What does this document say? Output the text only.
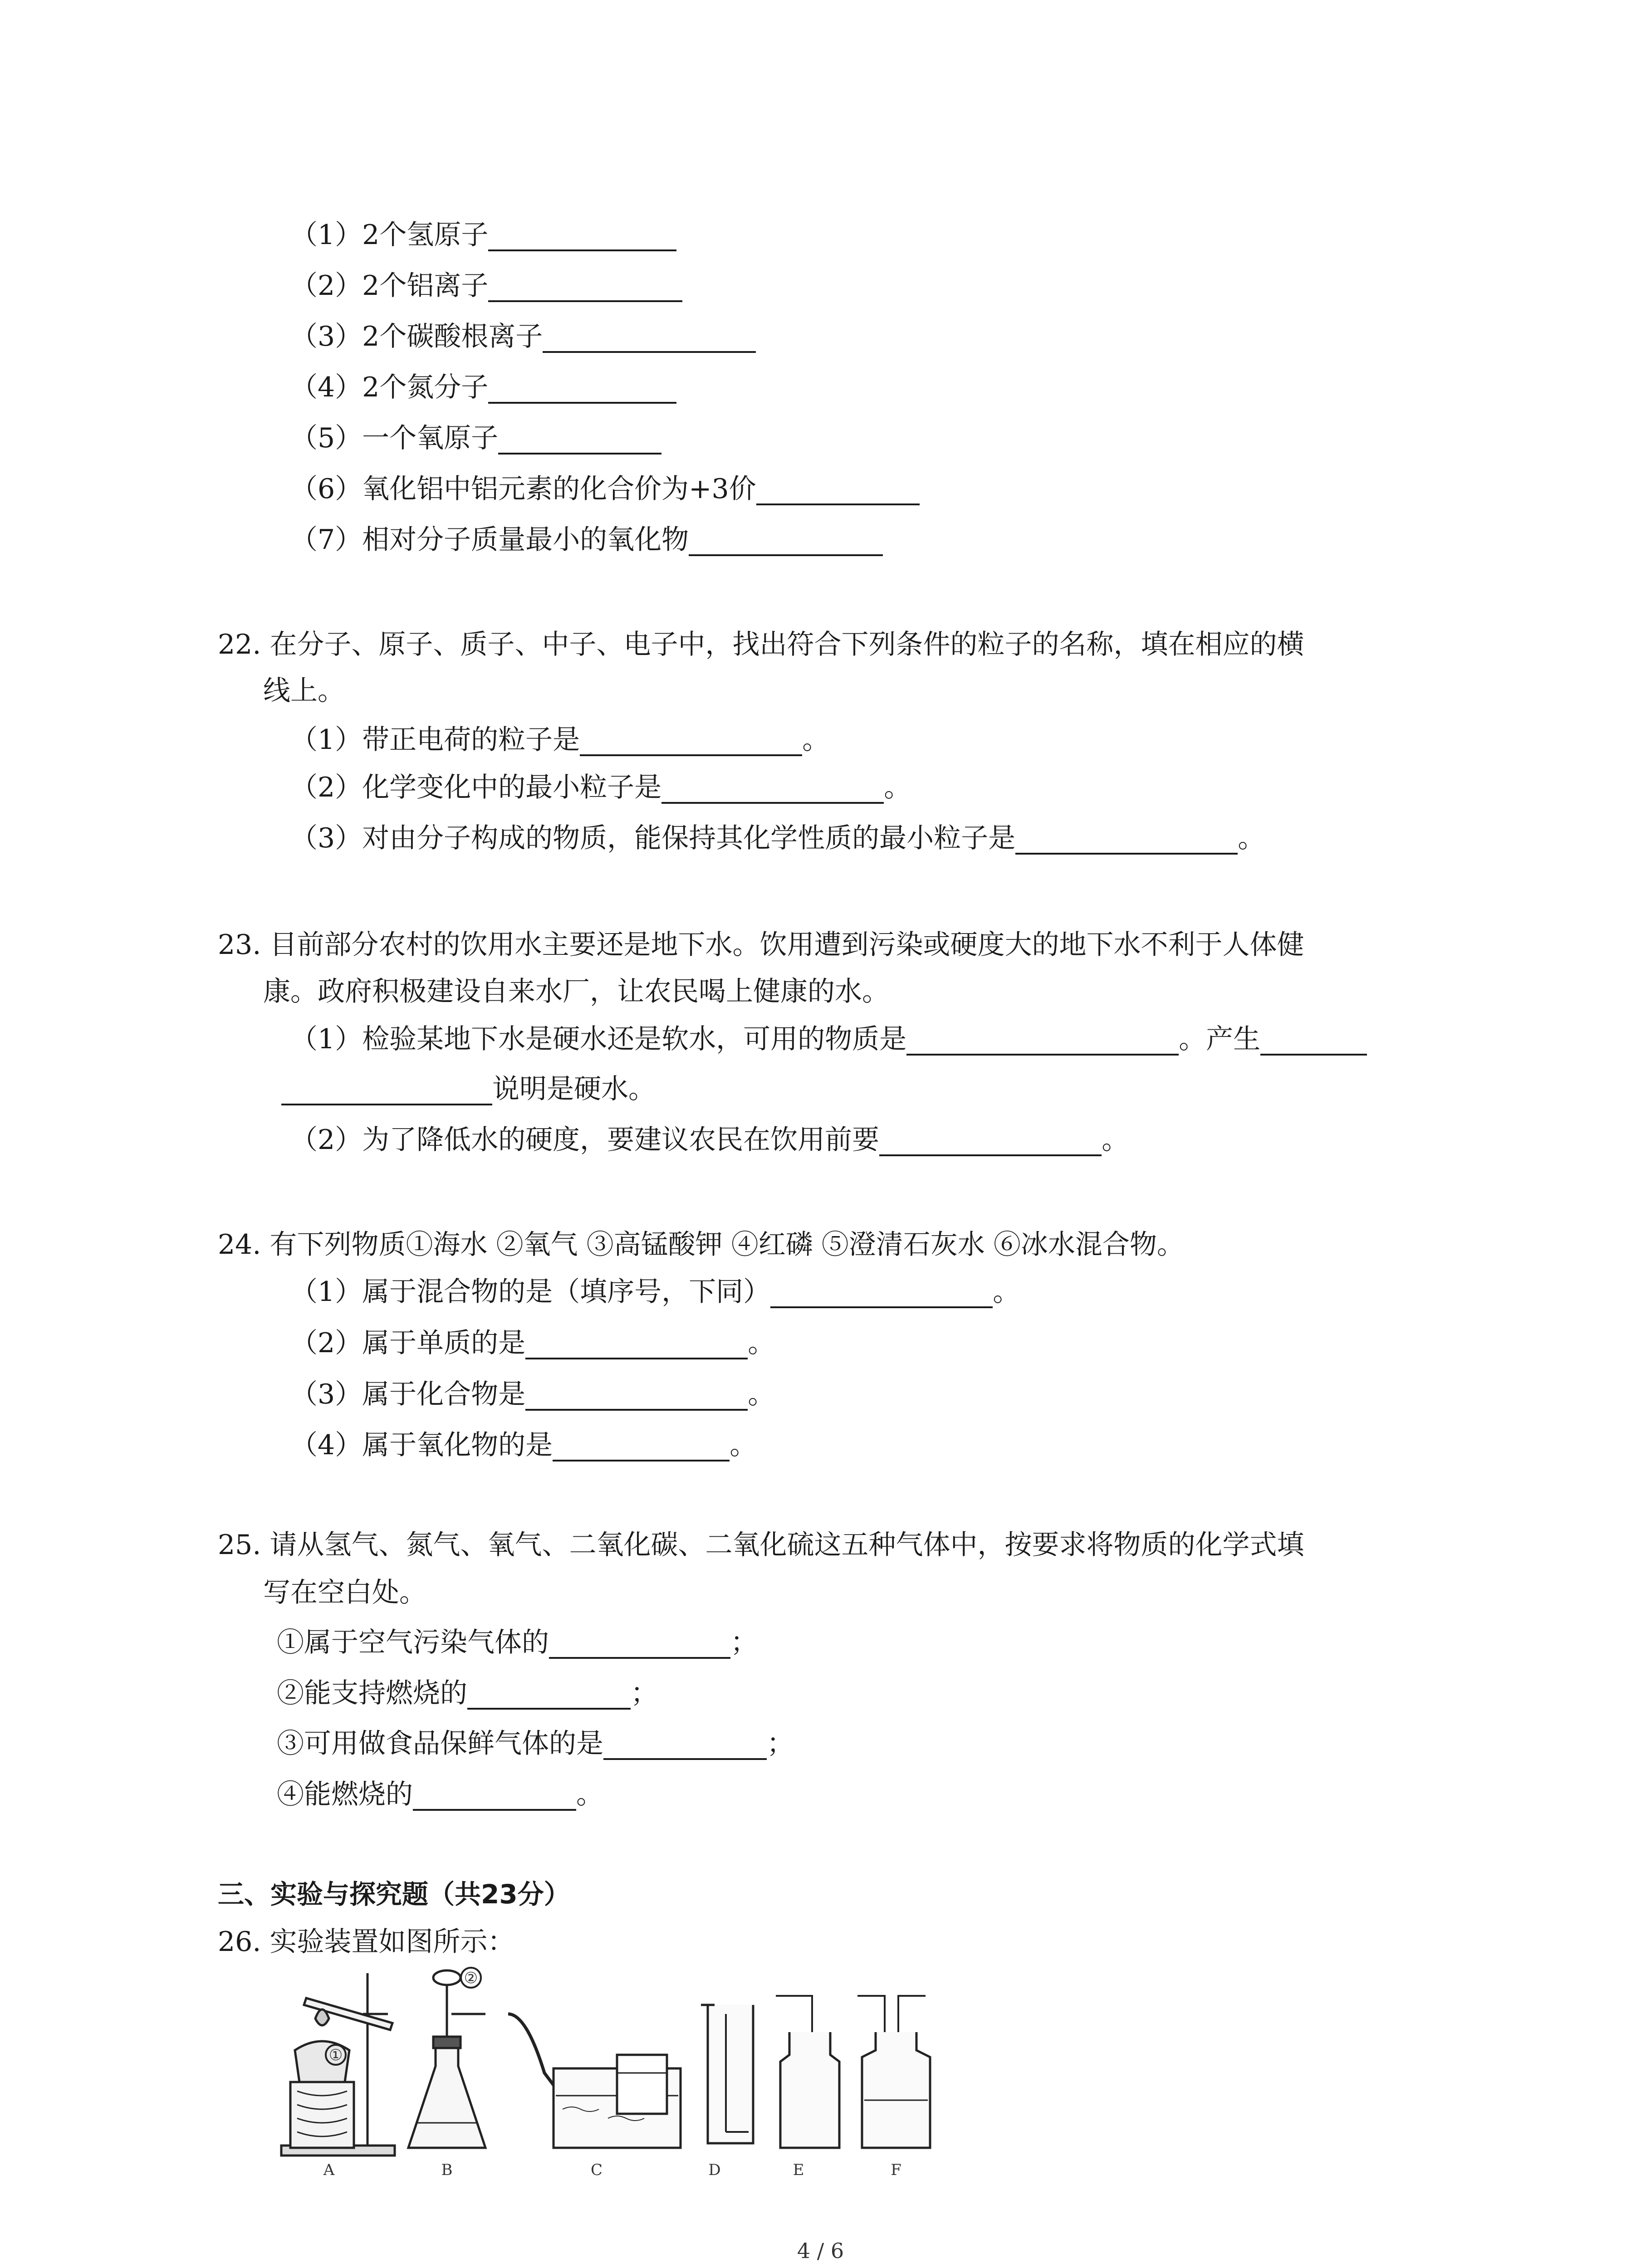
（1）2个氢原子
（2）2个铝离子
（3）2个碳酸根离子
（4）2个氮分子
（5）一个氧原子
（6）氧化铝中铝元素的化合价为+3价
（7）相对分子质量最小的氧化物
22. 在分子、原子、质子、中子、电子中，找出符合下列条件的粒子的名称，填在相应的横
线上。
（1）带正电荷的粒子是	。
（2）化学变化中的最小粒子是	。
（3）对由分子构成的物质，能保持其化学性质的最小粒子是	。
23. 目前部分农村的饮用水主要还是地下水。饮用遭到污染或硬度大的地下水不利于人体健
康。政府积极建设自来水厂，让农民喝上健康的水。
（1）检验某地下水是硬水还是软水，可用的物质是	。产生
说明是硬水。
（2）为了降低水的硬度，要建议农民在饮用前要	。
24. 有下列物质①海水 ②氧气 ③高锰酸钾 ④红磷 ⑤澄清石灰水 ⑥冰水混合物。
（1）属于混合物的是（填序号，下同）	。
（2）属于单质的是	。
（3）属于化合物是	。
（4）属于氧化物的是	。
25. 请从氢气、氮气、氧气、二氧化碳、二氧化硫这五种气体中，按要求将物质的化学式填
写在空白处。
①属于空气污染气体的	；
②能支持燃烧的	；
③可用做食品保鲜气体的是	；
④能燃烧的	。
三、实验与探究题（共23分）
26. 实验装置如图所示：
A	B	C	D	E	F
①
②
4 / 6
